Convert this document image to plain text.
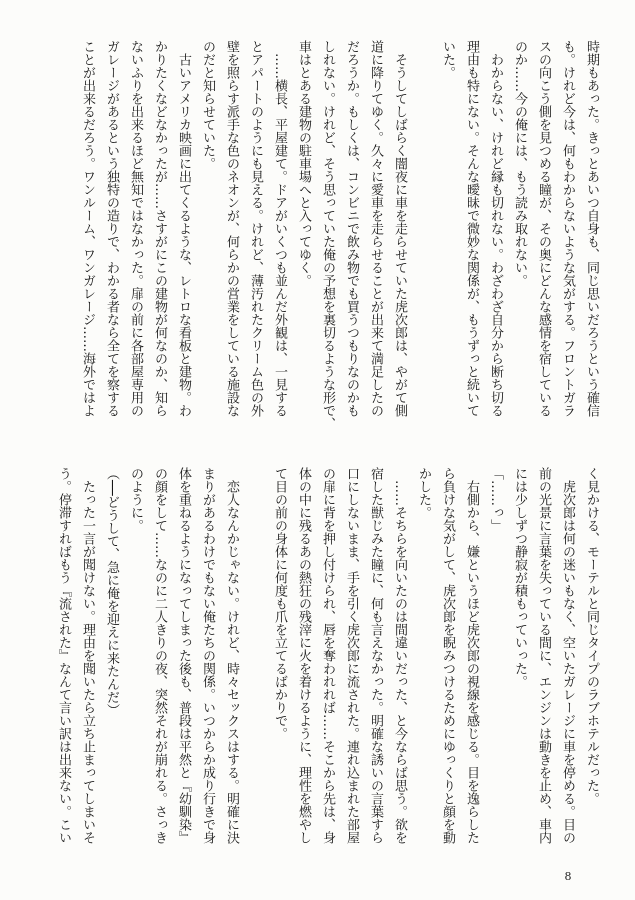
時期もあった。きっとあいつ自身も、同じ思いだろうという確信
も。けれど今は、何もわからないような気がする。フロントガラ
スの向こう側を見つめる瞳が、その奥にどんな感情を宿している
のか……今の俺には、もう読み取れない。
　わからない、けれど縁も切れない。わざわざ自分から断ち切る
理由も特にない。そんな曖昧で微妙な関係が、もうずっと続いて
いた。
　そうしてしばらく闇夜に車を走らせていた虎次郎は、やがて側
道に降りてゆく。久々に愛車を走らせることが出来て満足したの
だろうか。もしくは、コンビニで飲み物でも買うつもりなのかも
しれない。けれど、そう思っていた俺の予想を裏切るような形で、
車はとある建物の駐車場へと入ってゆく。
　……横長、平屋建て。ドアがいくつも並んだ外観は、一見する
とアパートのようにも見える。けれど、薄汚れたクリーム色の外
壁を照らす派手な色のネオンが、何らかの営業をしている施設な
のだと知らせていた。
　古いアメリカ映画に出てくるような、レトロな看板と建物。わ
かりたくなどなかったが……さすがにこの建物が何なのか、知ら
ないふりを出来るほど無知ではなかった。扉の前に各部屋専用の
ガレージがあるという独特の造りで、わかる者なら全てを察する
ことが出来るだろう。ワンルーム、ワンガレージ……海外ではよ
く見かける、モーテルと同じタイプのラブホテルだった。
　虎次郎は何の迷いもなく、空いたガレージに車を停める。目の
前の光景に言葉を失っている間に、エンジンは動きを止め、車内
には少しずつ静寂が積もっていった。
「……っ」
　右側から、嫌というほど虎次郎の視線を感じる。目を逸らした
ら負けな気がして、虎次郎を睨みつけるためにゆっくりと顔を動
かした。
　……そちらを向いたのは間違いだった、と今ならば思う。欲を
宿した獣じみた瞳に、何も言えなかった。明確な誘いの言葉すら
口にしないまま、手を引く虎次郎に流された。連れ込まれた部屋
の扉に背を押し付けられ、唇を奪われれば……そこから先は、身
体の中に残るあの熱狂の残滓に火を着けるように、理性を燃やし
て目の前の身体に何度も爪を立てるばかりで。
　恋人なんかじゃない。けれど、時々セックスはする。明確に決
まりがあるわけでもない俺たちの関係。いつからか成り行きで身
体を重ねるようになってしまった後も、普段は平然と『幼馴染』
の顔をして……なのに二人きりの夜、突然それが崩れる。さっき
のように。
（──どうして、急に俺を迎えに来たんだ）
　たった一言が聞けない。理由を聞いたら立ち止まってしまいそ
う。停滞すればもう『流された』なんて言い訳は出来ない。こい
8
